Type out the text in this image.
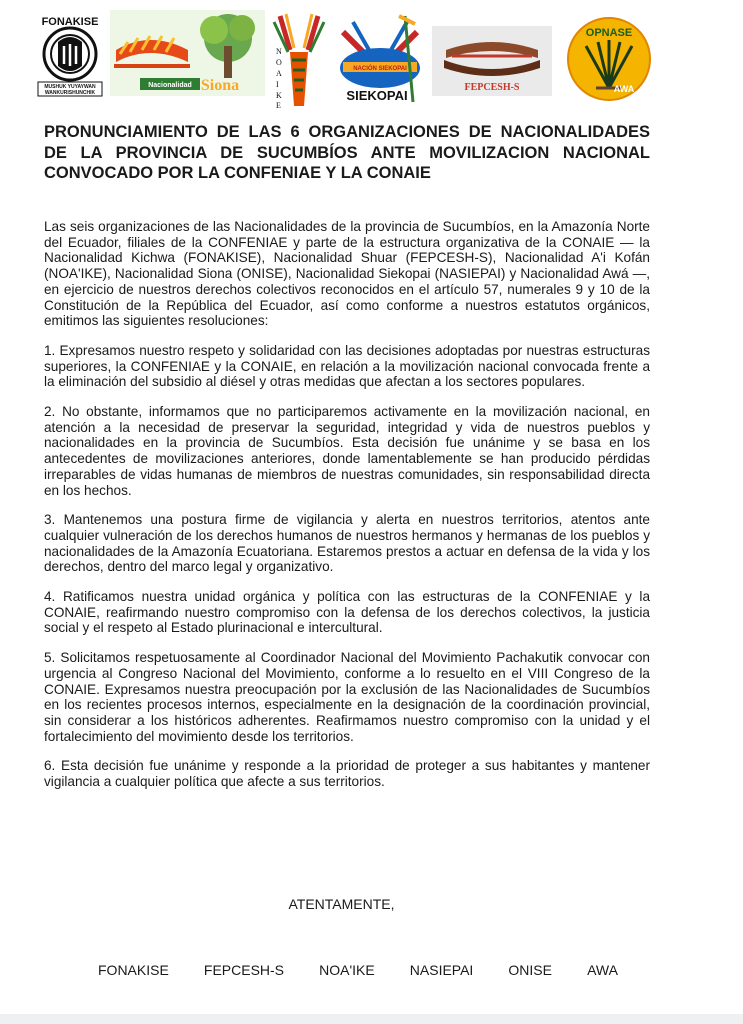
FONAKISE
MUSHUK YUYAYWAN
WANKURISHUNCHIK
Nacionalidad Siona
N
O
A
I
K
E
NACIÓN SIEKOPAI
SIEKOPAI
FEPCESH-S
OPNASE
AWA
PRONUNCIAMIENTO DE LAS 6 ORGANIZACIONES DE NACIONALIDADES DE LA PROVINCIA DE SUCUMBÍOS ANTE MOVILIZACION NACIONAL CONVOCADO POR LA CONFENIAE Y LA CONAIE

Las seis organizaciones de las Nacionalidades de la provincia de Sucumbíos, en la Amazonía Norte del Ecuador, filiales de la CONFENIAE y parte de la estructura organizativa de la CONAIE — la Nacionalidad Kichwa (FONAKISE), Nacionalidad Shuar (FEPCESH-S), Nacionalidad A'i Kofán (NOA'IKE), Nacionalidad Siona (ONISE), Nacionalidad Siekopai (NASIEPAI) y Nacionalidad Awá —, en ejercicio de nuestros derechos colectivos reconocidos en el artículo 57, numerales 9 y 10 de la Constitución de la República del Ecuador, así como conforme a nuestros estatutos orgánicos, emitimos las siguientes resoluciones:

1. Expresamos nuestro respeto y solidaridad con las decisiones adoptadas por nuestras estructuras superiores, la CONFENIAE y la CONAIE, en relación a la movilización nacional convocada frente a la eliminación del subsidio al diésel y otras medidas que afectan a los sectores populares.

2. No obstante, informamos que no participaremos activamente en la movilización nacional, en atención a la necesidad de preservar la seguridad, integridad y vida de nuestros pueblos y nacionalidades en la provincia de Sucumbíos. Esta decisión fue unánime y se basa en los antecedentes de movilizaciones anteriores, donde lamentablemente se han producido pérdidas irreparables de vidas humanas de miembros de nuestras comunidades, sin responsabilidad directa en los hechos.

3. Mantenemos una postura firme de vigilancia y alerta en nuestros territorios, atentos ante cualquier vulneración de los derechos humanos de nuestros hermanos y hermanas de los pueblos y nacionalidades de la Amazonía Ecuatoriana. Estaremos prestos a actuar en defensa de la vida y los derechos, dentro del marco legal y organizativo.

4. Ratificamos nuestra unidad orgánica y política con las estructuras de la CONFENIAE y la CONAIE, reafirmando nuestro compromiso con la defensa de los derechos colectivos, la justicia social y el respeto al Estado plurinacional e intercultural.

5. Solicitamos respetuosamente al Coordinador Nacional del Movimiento Pachakutik convocar con urgencia al Congreso Nacional del Movimiento, conforme a lo resuelto en el VIII Congreso de la CONAIE. Expresamos nuestra preocupación por la exclusión de las Nacionalidades de Sucumbíos en los recientes procesos internos, especialmente en la designación de la coordinación provincial, sin considerar a los históricos adherentes. Reafirmamos nuestro compromiso con la unidad y el fortalecimiento del movimiento desde los territorios.

6. Esta decisión fue unánime y responde a la prioridad de proteger a sus habitantes y mantener vigilancia a cualquier política que afecte a sus territorios.

ATENTAMENTE,
FONAKISE	FEPCESH-S	NOA'IKE	NASIEPAI	ONISE	AWA
